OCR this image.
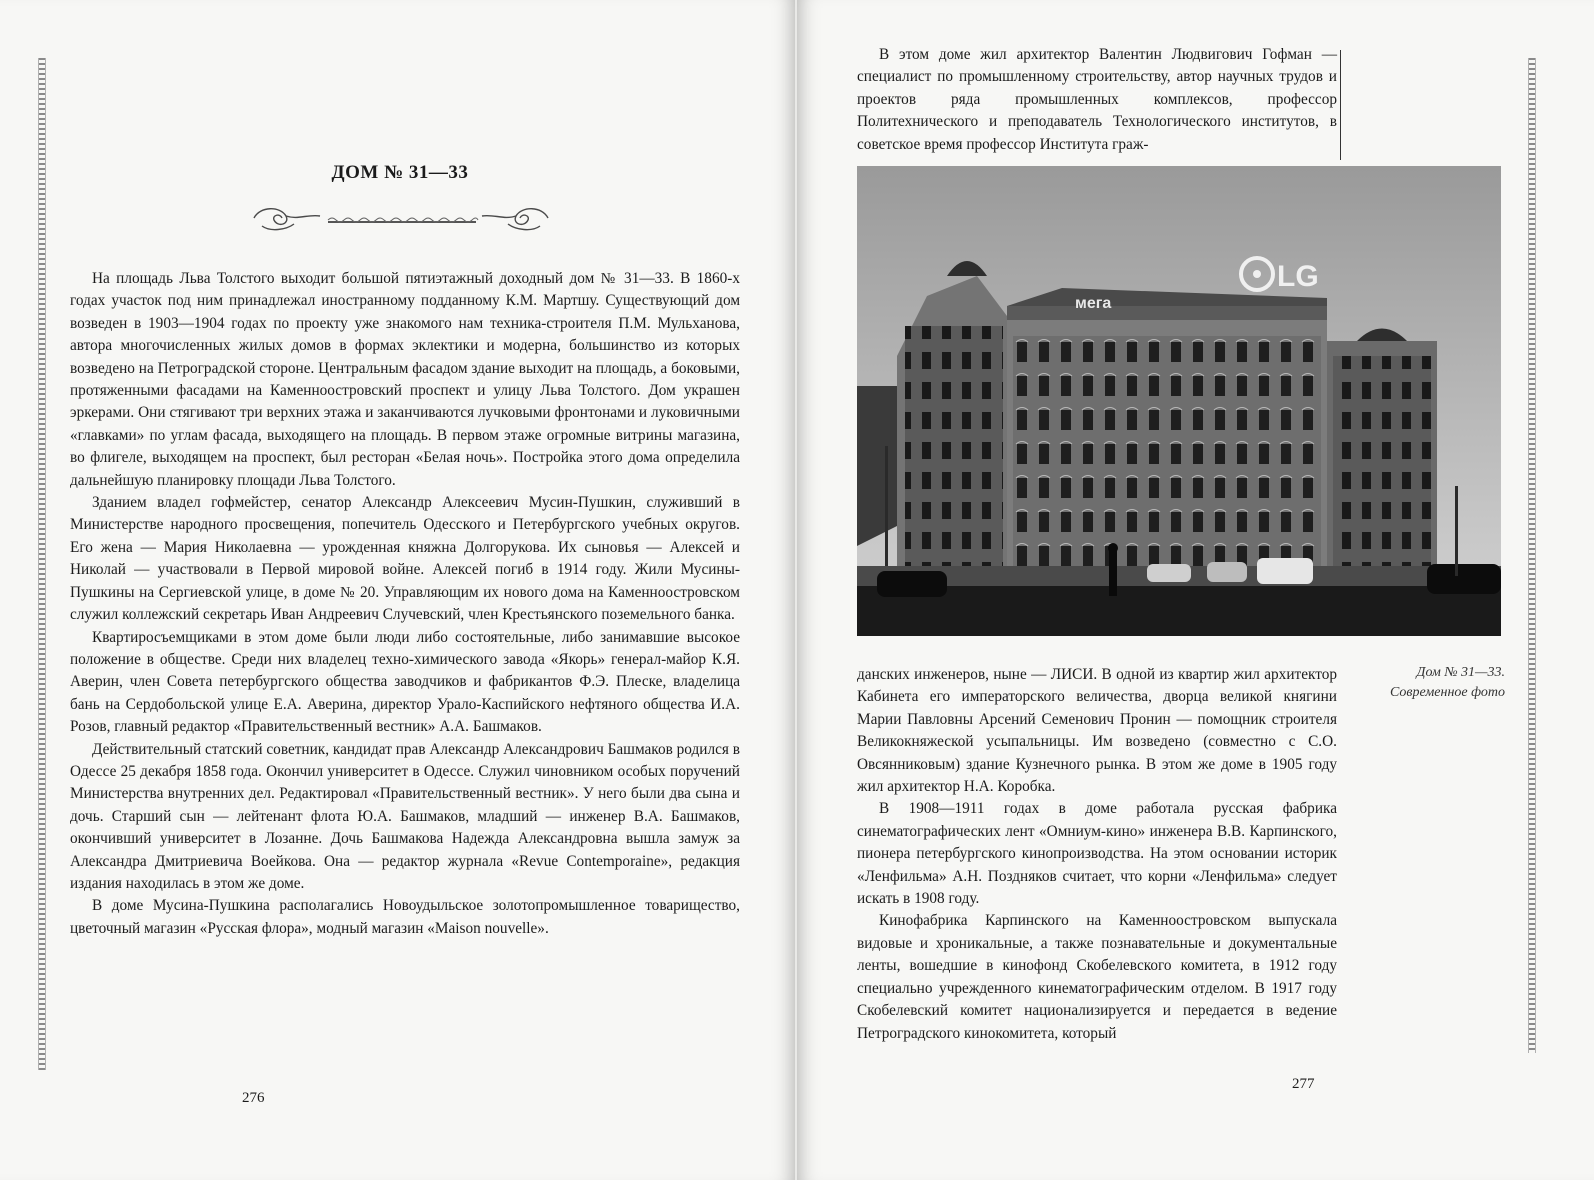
ДОМ № 31—33

На площадь Льва Толстого выходит большой пятиэтажный доходный дом № 31—33. В 1860-х годах участок под ним принадлежал иностранному подданному К.М. Мартшу. Существующий дом возведен в 1903—1904 годах по проекту уже знакомого нам техника-строителя П.М. Мульханова, автора многочисленных жилых домов в формах эклектики и модерна, большинство из которых возведено на Петроградской стороне. Центральным фасадом здание выходит на площадь, а боковыми, протяженными фасадами на Каменноостровский проспект и улицу Льва Толстого. Дом украшен эркерами. Они стягивают три верхних этажа и заканчиваются лучковыми фронтонами и луковичными «главками» по углам фасада, выходящего на площадь. В первом этаже огромные витрины магазина, во флигеле, выходящем на проспект, был ресторан «Белая ночь». Постройка этого дома определила дальнейшую планировку площади Льва Толстого.

Зданием владел гофмейстер, сенатор Александр Алексеевич Мусин-Пушкин, служивший в Министерстве народного просвещения, попечитель Одесского и Петербургского учебных округов. Его жена — Мария Николаевна — урожденная княжна Долгорукова. Их сыновья — Алексей и Николай — участвовали в Первой мировой войне. Алексей погиб в 1914 году. Жили Мусины-Пушкины на Сергиевской улице, в доме № 20. Управляющим их нового дома на Каменноостровском служил коллежский секретарь Иван Андреевич Случевский, член Крестьянского поземельного банка.

Квартиросъемщиками в этом доме были люди либо состоятельные, либо занимавшие высокое положение в обществе. Среди них владелец техно-химического завода «Якорь» генерал-майор К.Я. Аверин, член Совета петербургского общества заводчиков и фабрикантов Ф.Э. Плеске, владелица бань на Сердобольской улице Е.А. Аверина, директор Урало-Каспийского нефтяного общества И.А. Розов, главный редактор «Правительственный вестник» А.А. Башмаков.

Действительный статский советник, кандидат прав Александр Александрович Башмаков родился в Одессе 25 декабря 1858 года. Окончил университет в Одессе. Служил чиновником особых поручений Министерства внутренних дел. Редактировал «Правительственный вестник». У него были два сына и дочь. Старший сын — лейтенант флота Ю.А. Башмаков, младший — инженер В.А. Башмаков, окончивший университет в Лозанне. Дочь Башмакова Надежда Александровна вышла замуж за Александра Дмитриевича Воейкова. Она — редактор журнала «Revue Contemporaine», редакция издания находилась в этом же доме.

В доме Мусина-Пушкина располагались Новоудыльское золотопромышленное товарищество, цветочный магазин «Русская флора», модный магазин «Maison nouvelle».

276

В этом доме жил архитектор Валентин Людвигович Гофман — специалист по промышленному строительству, автор научных трудов и проектов ряда промышленных комплексов, профессор Политехнического и преподаватель Технологического институтов, в советское время профессор Института граж-

LG
мега
Дом № 31—33. Современное фото

данских инженеров, ныне — ЛИСИ. В одной из квартир жил архитектор Кабинета его императорского величества, дворца великой княгини Марии Павловны Арсений Семенович Пронин — помощник строителя Великокняжеской усыпальницы. Им возведено (совместно с С.О. Овсянниковым) здание Кузнечного рынка. В этом же доме в 1905 году жил архитектор Н.А. Коробка.

В 1908—1911 годах в доме работала русская фабрика синематографических лент «Омниум-кино» инженера В.В. Карпинского, пионера петербургского кинопроизводства. На этом основании историк «Ленфильма» А.Н. Поздняков считает, что корни «Ленфильма» следует искать в 1908 году.

Кинофабрика Карпинского на Каменноостровском выпускала видовые и хроникальные, а также познавательные и документальные ленты, вошедшие в кинофонд Скобелевского комитета, в 1912 году специально учрежденного кинематографическим отделом. В 1917 году Скобелевский комитет национализируется и передается в ведение Петроградского кинокомитета, который

277
